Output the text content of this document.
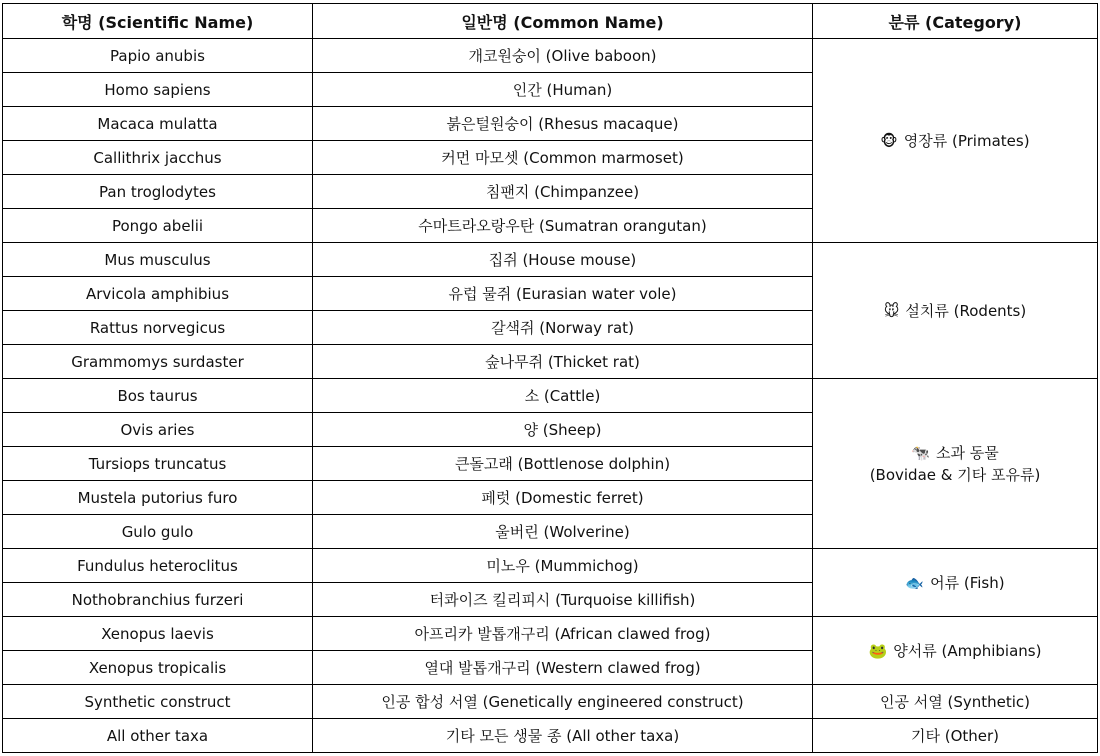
학명 (Scientific Name)	일반명 (Common Name)	분류 (Category)
Papio anubis	개코원숭이 (Olive baboon)	🐵 영장류 (Primates)
Homo sapiens	인간 (Human)	
Macaca mulatta	붉은털원숭이 (Rhesus macaque)	
Callithrix jacchus	커먼 마모셋 (Common marmoset)	
Pan troglodytes	침팬지 (Chimpanzee)	
Pongo abelii	수마트라오랑우탄 (Sumatran orangutan)	
Mus musculus	집쥐 (House mouse)	🐭 설치류 (Rodents)
Arvicola amphibius	유럽 물쥐 (Eurasian water vole)	
Rattus norvegicus	갈색쥐 (Norway rat)	
Grammomys surdaster	숲나무쥐 (Thicket rat)	
Bos taurus	소 (Cattle)	🐄 소과 동물
(Bovidae & 기타 포유류)
Ovis aries	양 (Sheep)	
Tursiops truncatus	큰돌고래 (Bottlenose dolphin)	
Mustela putorius furo	페럿 (Domestic ferret)	
Gulo gulo	울버린 (Wolverine)	
Fundulus heteroclitus	미노우 (Mummichog)	🐟 어류 (Fish)
Nothobranchius furzeri	터콰이즈 킬리피시 (Turquoise killifish)	
Xenopus laevis	아프리카 발톱개구리 (African clawed frog)	🐸 양서류 (Amphibians)
Xenopus tropicalis	열대 발톱개구리 (Western clawed frog)	
Synthetic construct	인공 합성 서열 (Genetically engineered construct)	인공 서열 (Synthetic)
All other taxa	기타 모든 생물 종 (All other taxa)	기타 (Other)
